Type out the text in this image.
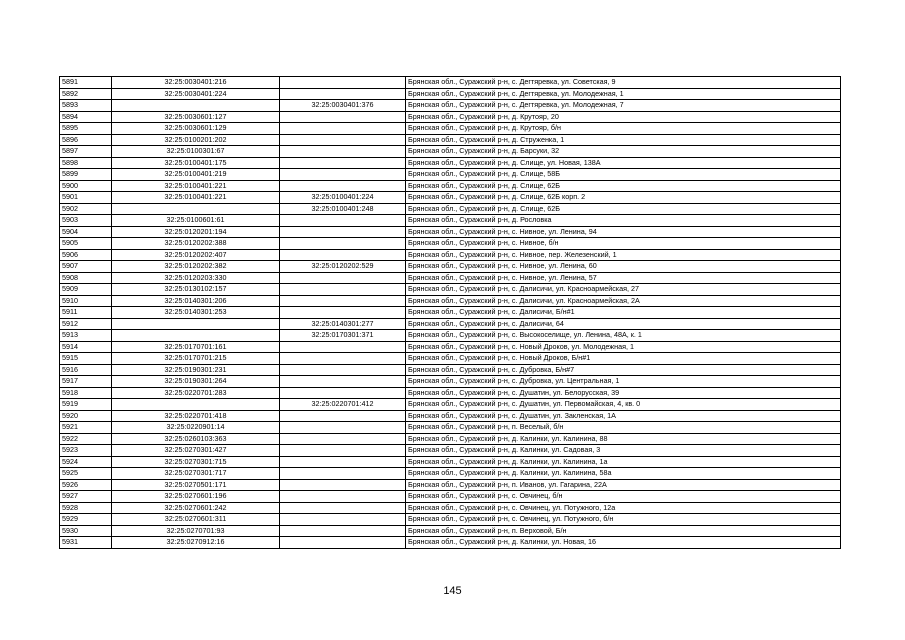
5891	32:25:0030401:216		Брянская обл., Суражский р-н, с. Дегтяревка, ул. Советская, 9
5892	32:25:0030401:224		Брянская обл., Суражский р-н, с. Дегтяревка, ул. Молодежная, 1
5893		32:25:0030401:376	Брянская обл., Суражский р-н, с. Дегтяревка, ул. Молодежная, 7
5894	32:25:0030601:127		Брянская обл., Суражский р-н, д. Крутояр, 20
5895	32:25:0030601:129		Брянская обл., Суражский р-н, д. Крутояр, б/н
5896	32:25:0100201:202		Брянская обл., Суражский р-н, д. Струженка, 1
5897	32:25:0100301:67		Брянская обл., Суражский р-н, д. Барсуки, 32
5898	32:25:0100401:175		Брянская обл., Суражский р-н, д. Слище, ул. Новая, 138А
5899	32:25:0100401:219		Брянская обл., Суражский р-н, д. Слище, 58Б
5900	32:25:0100401:221		Брянская обл., Суражский р-н, д. Слище, 62Б
5901	32:25:0100401:221	32:25:0100401:224	Брянская обл., Суражский р-н, д. Слище, 62Б корп. 2
5902		32:25:0100401:248	Брянская обл., Суражский р-н, д. Слище, 62Б
5903	32:25:0100601:61		Брянская обл., Суражский р-н, д. Рословка
5904	32:25:0120201:194		Брянская обл., Суражский р-н, с. Нивное, ул. Ленина, 94
5905	32:25:0120202:388		Брянская обл., Суражский р-н, с. Нивное, б/н
5906	32:25:0120202:407		Брянская обл., Суражский р-н, с. Нивное, пер. Железенский, 1
5907	32:25:0120202:382	32:25:0120202:529	Брянская обл., Суражский р-н, с. Нивное, ул. Ленина, 60
5908	32:25:0120203:330		Брянская обл., Суражский р-н, с. Нивное, ул. Ленина, 57
5909	32:25:0130102:157		Брянская обл., Суражский р-н, с. Далисичи, ул. Красноармейская, 27
5910	32:25:0140301:206		Брянская обл., Суражский р-н, с. Далисичи, ул. Красноармейская, 2А
5911	32:25:0140301:253		Брянская обл., Суражский р-н, с. Далисичи, Б/н#1
5912		32:25:0140301:277	Брянская обл., Суражский р-н, с. Далисичи, 64
5913		32:25:0170301:371	Брянская обл., Суражский р-н, с. Высокоселище, ул. Ленина, 48А, к. 1
5914	32:25:0170701:161		Брянская обл., Суражский р-н, с. Новый Дроков, ул. Молодежная, 1
5915	32:25:0170701:215		Брянская обл., Суражский р-н, с. Новый Дроков, Б/н#1
5916	32:25:0190301:231		Брянская обл., Суражский р-н, с. Дубровка, Б/н#7
5917	32:25:0190301:264		Брянская обл., Суражский р-н, с. Дубровка, ул. Центральная, 1
5918	32:25:0220701:283		Брянская обл., Суражский р-н, с. Душатин, ул. Белорусская, 39
5919		32:25:0220701:412	Брянская обл., Суражский р-н, с. Душатин, ул. Первомайская, 4, кв. 0
5920	32:25:0220701:418		Брянская обл., Суражский р-н, с. Душатин, ул. Закленская, 1А
5921	32:25:0220901:14		Брянская обл., Суражский р-н, п. Веселый, б/н
5922	32:25:0260103:363		Брянская обл., Суражский р-н, д. Калинки, ул. Калинина, 88
5923	32:25:0270301:427		Брянская обл., Суражский р-н, д. Калинки, ул. Садовая, 3
5924	32:25:0270301:715		Брянская обл., Суражский р-н, д. Калинки, ул. Калинина, 1а
5925	32:25:0270301:717		Брянская обл., Суражский р-н, д. Калинки, ул. Калинина, 58а
5926	32:25:0270501:171		Брянская обл., Суражский р-н, п. Иванов, ул. Гагарина, 22А
5927	32:25:0270601:196		Брянская обл., Суражский р-н, с. Овчинец, б/н
5928	32:25:0270601:242		Брянская обл., Суражский р-н, с. Овчинец, ул. Потужного, 12а
5929	32:25:0270601:311		Брянская обл., Суражский р-н, с. Овчинец, ул. Потужного, б/н
5930	32:25:0270701:93		Брянская обл., Суражский р-н, п. Верховой, Б/н
5931	32:25:0270912:16		Брянская обл., Суражский р-н, д. Калинки, ул. Новая, 16
145
